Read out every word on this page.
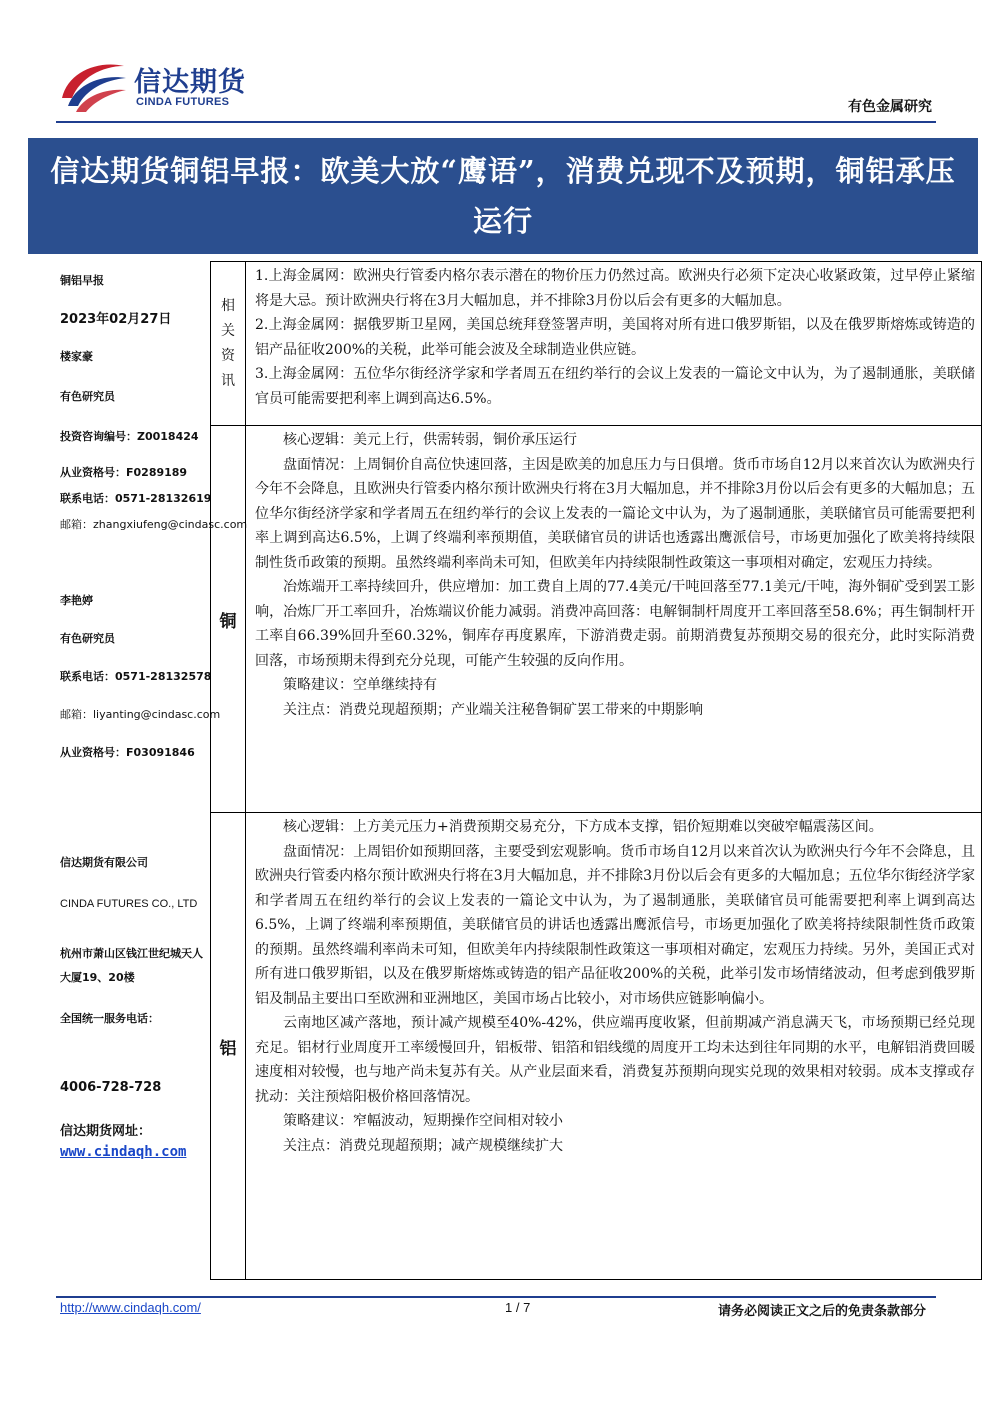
信达期货
CINDA FUTURES	有色金属研究
信达期货铜铝早报：欧美大放“鹰语”，消费兑现不及预期，铜铝承压运行
铜铝早报
2023年02月27日
楼家豪
有色研究员
投资咨询编号：Z0018424
从业资格号：F0289189
联系电话：0571-28132619
邮箱：zhangxiufeng@cindasc.com
李艳婷
有色研究员
联系电话：0571-28132578
邮箱：liyanting@cindasc.com
从业资格号：F03091846
信达期货有限公司
CINDA FUTURES CO., LTD
杭州市萧山区钱江世纪城天人大厦19、20楼
全国统一服务电话：
4006-728-728
信达期货网址：
www.cindaqh.com
相关资讯

1.上海金属网：欧洲央行管委内格尔表示潜在的物价压力仍然过高。欧洲央行必须下定决心收紧政策，过早停止紧缩将是大忌。预计欧洲央行将在3月大幅加息，并不排除3月份以后会有更多的大幅加息。

2.上海金属网：据俄罗斯卫星网，美国总统拜登签署声明，美国将对所有进口俄罗斯铝，以及在俄罗斯熔炼或铸造的铝产品征收200%的关税，此举可能会波及全球制造业供应链。

3.上海金属网：五位华尔街经济学家和学者周五在纽约举行的会议上发表的一篇论文中认为，为了遏制通胀，美联储官员可能需要把利率上调到高达6.5%。

铜

核心逻辑：美元上行，供需转弱，铜价承压运行

盘面情况：上周铜价自高位快速回落，主因是欧美的加息压力与日俱增。货币市场自12月以来首次认为欧洲央行今年不会降息，且欧洲央行管委内格尔预计欧洲央行将在3月大幅加息，并不排除3月份以后会有更多的大幅加息；五位华尔街经济学家和学者周五在纽约举行的会议上发表的一篇论文中认为，为了遏制通胀，美联储官员可能需要把利率上调到高达6.5%，上调了终端利率预期值，美联储官员的讲话也透露出鹰派信号，市场更加强化了欧美将持续限制性货币政策的预期。虽然终端利率尚未可知，但欧美年内持续限制性政策这一事项相对确定，宏观压力持续。

冶炼端开工率持续回升，供应增加：加工费自上周的77.4美元/干吨回落至77.1美元/干吨，海外铜矿受到罢工影响，冶炼厂开工率回升，冶炼端议价能力减弱。消费冲高回落：电解铜制杆周度开工率回落至58.6%；再生铜制杆开工率自66.39%回升至60.32%，铜库存再度累库，下游消费走弱。前期消费复苏预期交易的很充分，此时实际消费回落，市场预期未得到充分兑现，可能产生较强的反向作用。

策略建议：空单继续持有

关注点：消费兑现超预期；产业端关注秘鲁铜矿罢工带来的中期影响

铝

核心逻辑：上方美元压力+消费预期交易充分，下方成本支撑，铝价短期难以突破窄幅震荡区间。

盘面情况：上周铝价如预期回落，主要受到宏观影响。货币市场自12月以来首次认为欧洲央行今年不会降息，且欧洲央行管委内格尔预计欧洲央行将在3月大幅加息，并不排除3月份以后会有更多的大幅加息；五位华尔街经济学家和学者周五在纽约举行的会议上发表的一篇论文中认为，为了遏制通胀，美联储官员可能需要把利率上调到高达6.5%，上调了终端利率预期值，美联储官员的讲话也透露出鹰派信号，市场更加强化了欧美将持续限制性货币政策的预期。虽然终端利率尚未可知，但欧美年内持续限制性政策这一事项相对确定，宏观压力持续。另外，美国正式对所有进口俄罗斯铝，以及在俄罗斯熔炼或铸造的铝产品征收200%的关税，此举引发市场情绪波动，但考虑到俄罗斯铝及制品主要出口至欧洲和亚洲地区，美国市场占比较小，对市场供应链影响偏小。

云南地区减产落地，预计减产规模至40%-42%，供应端再度收紧，但前期减产消息满天飞，市场预期已经兑现充足。铝材行业周度开工率缓慢回升，铝板带、铝箔和铝线缆的周度开工均未达到往年同期的水平，电解铝消费回暖速度相对较慢，也与地产尚未复苏有关。从产业层面来看，消费复苏预期向现实兑现的效果相对较弱。成本支撑或存扰动：关注预焙阳极价格回落情况。

策略建议：窄幅波动，短期操作空间相对较小

关注点：消费兑现超预期；减产规模继续扩大

http://www.cindaqh.com/	1 / 7	请务必阅读正文之后的免责条款部分
